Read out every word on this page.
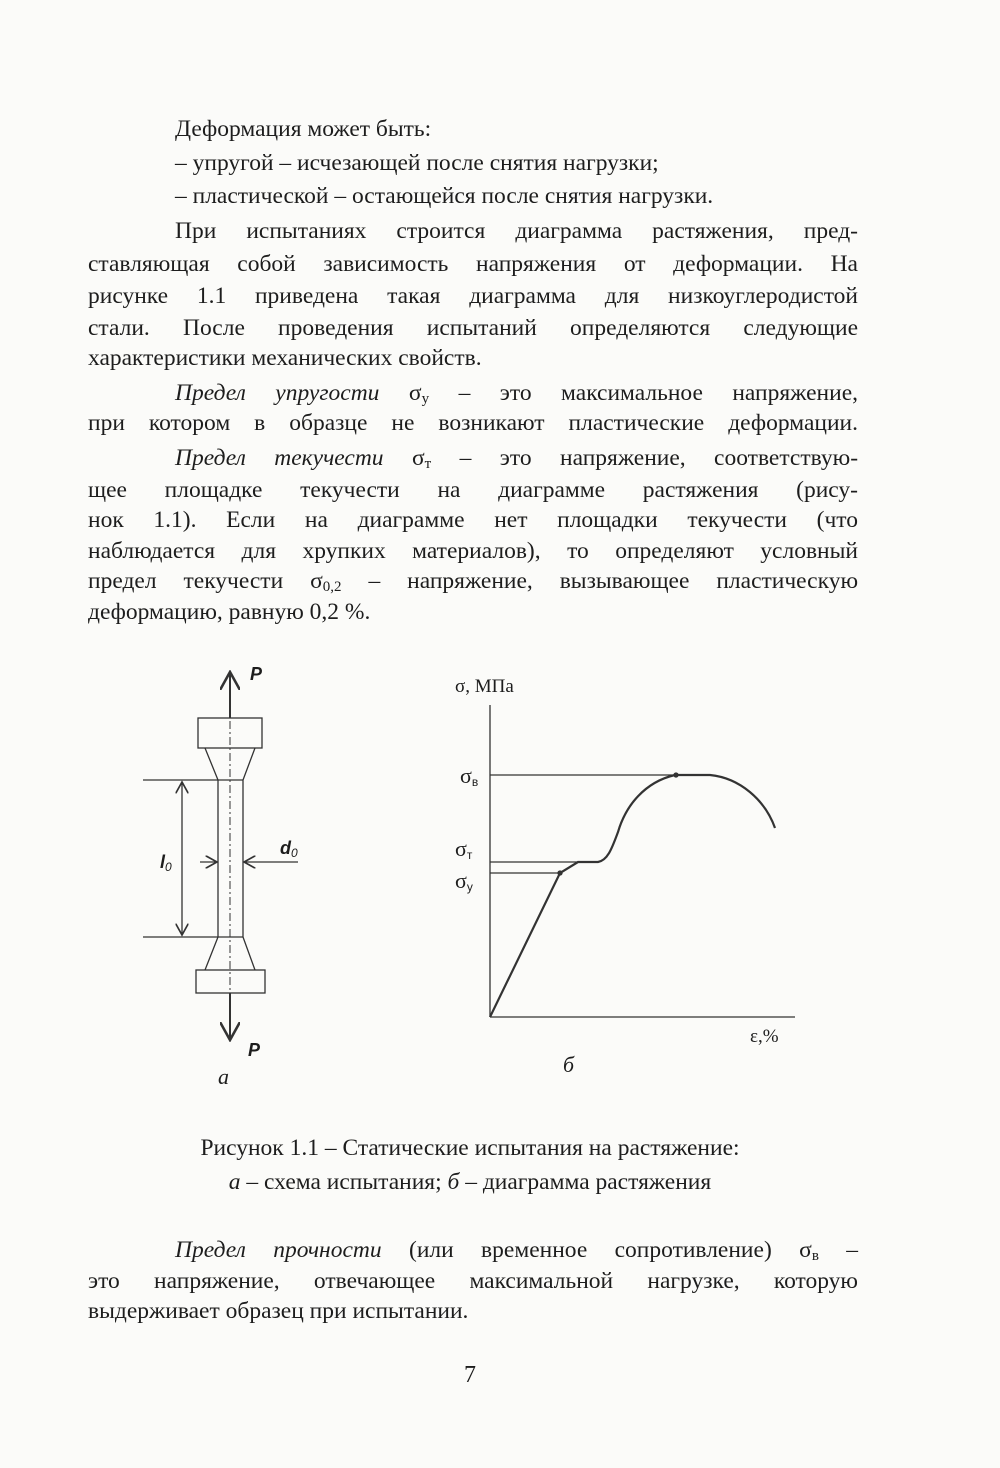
Деформация может быть:
– упругой – исчезающей после снятия нагрузки;
– пластической – остающейся после снятия нагрузки.
При испытаниях строится диаграмма растяжения, пред-
ставляющая собой зависимость напряжения от деформации. На
рисунке 1.1 приведена такая диаграмма для низкоуглеродистой
стали. После проведения испытаний определяются следующие
характеристики механических свойств.
Предел упругости $\sigma_у$ – это максимальное напряжение,
при котором в образце не возникают пластические деформации.
Предел текучести $\sigma_т$ – это напряжение, соответствую-
щее площадке текучести на диаграмме растяжения (рису-
нок 1.1). Если на диаграмме нет площадки текучести (что
наблюдается для хрупких материалов), то определяют условный
предел текучести $\sigma_{0,2}$ – напряжение, вызывающее пластическую
деформацию, равную 0,2 %.
P
P
$l_0$
$d_0$
а
σ, МПа
ε,%
$\sigma_в$
$\sigma_т$
$\sigma_у$
б
Рисунок 1.1 – Статические испытания на растяжение:
а – схема испытания; б – диаграмма растяжения
Предел прочности (или временное сопротивление) $\sigma_в$ –
это напряжение, отвечающее максимальной нагрузке, которую
выдерживает образец при испытании.
7
